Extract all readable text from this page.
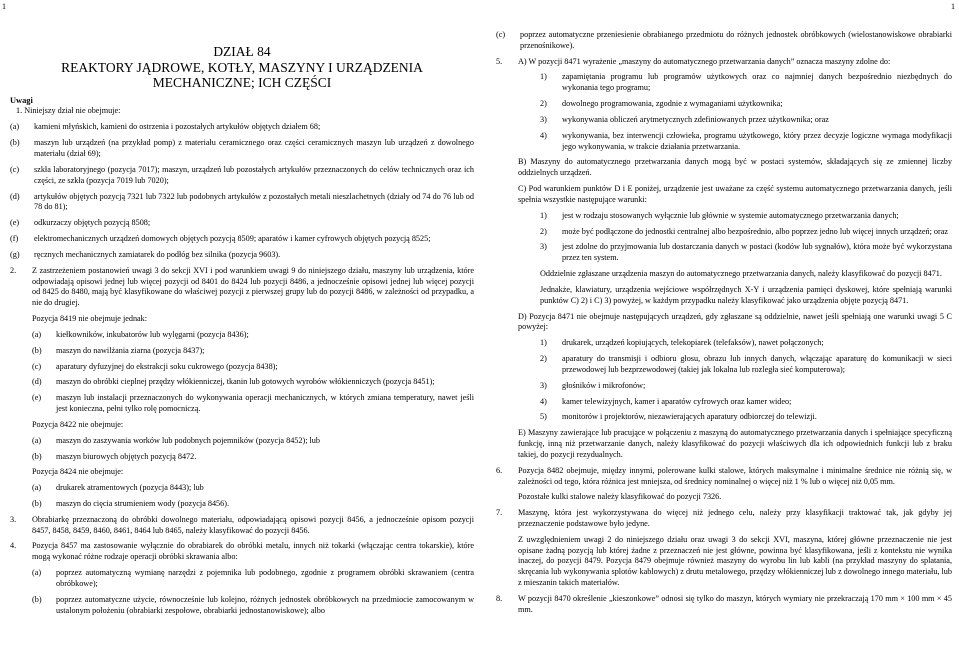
1	1
DZIAŁ 84
REAKTORY JĄDROWE, KOTŁY, MASZYNY I URZĄDZENIA
MECHANICZNE; ICH CZĘŚCI
Uwagi

1. Niniejszy dział nie obejmuje:

(a)	kamieni młyńskich, kamieni do ostrzenia i pozostałych artykułów objętych działem 68;
(b)	maszyn lub urządzeń (na przykład pomp) z materiału ceramicznego oraz części ceramicznych maszyn lub urządzeń z dowolnego materiału (dział 69);
(c)	szkła laboratoryjnego (pozycja 7017); maszyn, urządzeń lub pozostałych artykułów przeznaczonych do celów technicznych oraz ich części, ze szkła (pozycja 7019 lub 7020);
(d)	artykułów objętych pozycją 7321 lub 7322 lub podobnych artykułów z pozostałych metali nieszlachetnych (działy od 74 do 76 lub od 78 do 81);
(e)	odkurzaczy objętych pozycją 8508;
(f)	elektromechanicznych urządzeń domowych objętych pozycją 8509; aparatów i kamer cyfrowych objętych pozycją 8525;
(g)	ręcznych mechanicznych zamiatarek do podłóg bez silnika (pozycja 9603).
2.	Z zastrzeżeniem postanowień uwagi 3 do sekcji XVI i pod warunkiem uwagi 9 do niniejszego działu, maszyny lub urządzenia, które odpowiadają opisowi jednej lub więcej pozycji od 8401 do 8424 lub pozycji 8486, a jednocześnie opisowi jednej lub więcej pozycji od 8425 do 8480, mają być klasyfikowane do właściwej pozycji z pierwszej grupy lub do pozycji 8486, w zależności od przypadku, a nie do drugiej.

Pozycja 8419 nie obejmuje jednak:

(a)	kiełkowników, inkubatorów lub wylęgarni (pozycja 8436);
(b)	maszyn do nawilżania ziarna (pozycja 8437);
(c)	aparatury dyfuzyjnej do ekstrakcji soku cukrowego (pozycja 8438);
(d)	maszyn do obróbki cieplnej przędzy włókienniczej, tkanin lub gotowych wyrobów włókienniczych (pozycja 8451);
(e)	maszyn lub instalacji przeznaczonych do wykonywania operacji mechanicznych, w których zmiana temperatury, nawet jeśli jest konieczna, pełni tylko rolę pomocniczą.

Pozycja 8422 nie obejmuje:

(a)	maszyn do zaszywania worków lub podobnych pojemników (pozycja 8452); lub
(b)	maszyn biurowych objętych pozycją 8472.

Pozycja 8424 nie obejmuje:

(a)	drukarek atramentowych (pozycja 8443); lub
(b)	maszyn do cięcia strumieniem wody (pozycja 8456).
3.	Obrabiarkę przeznaczoną do obróbki dowolnego materiału, odpowiadającą opisowi pozycji 8456, a jednocześnie opisom pozycji 8457, 8458, 8459, 8460, 8461, 8464 lub 8465, należy klasyfikować do pozycji 8456.
4.	Pozycja 8457 ma zastosowanie wyłącznie do obrabiarek do obróbki metalu, innych niż tokarki (włączając centra tokarskie), które mogą wykonać różne rodzaje operacji obróbki skrawania albo:
(a)	poprzez automatyczną wymianę narzędzi z pojemnika lub podobnego, zgodnie z programem obróbki skrawaniem (centra obróbkowe);
(b)	poprzez automatyczne użycie, równocześnie lub kolejno, różnych jednostek obróbkowych na przedmiocie zamocowanym w ustalonym położeniu (obrabiarki zespołowe, obrabiarki jednostanowiskowe); albo
(c)	poprzez automatyczne przeniesienie obrabianego przedmiotu do różnych jednostek obróbkowych (wielostanowiskowe obrabiarki przenośnikowe).
5.	A) W pozycji 8471 wyrażenie „maszyny do automatycznego przetwarzania danych” oznacza maszyny zdolne do:
1)	zapamiętania programu lub programów użytkowych oraz co najmniej danych bezpośrednio niezbędnych do wykonania tego programu;
2)	dowolnego programowania, zgodnie z wymaganiami użytkownika;
3)	wykonywania obliczeń arytmetycznych zdefiniowanych przez użytkownika; oraz
4)	wykonywania, bez interwencji człowieka, programu użytkowego, który przez decyzje logiczne wymaga modyfikacji jego wykonywania, w trakcie działania przetwarzania.

B) Maszyny do automatycznego przetwarzania danych mogą być w postaci systemów, składających się ze zmiennej liczby oddzielnych urządzeń.

C) Pod warunkiem punktów D i E poniżej, urządzenie jest uważane za część systemu automatycznego przetwarzania danych, jeśli spełnia wszystkie następujące warunki:

1)	jest w rodzaju stosowanych wyłącznie lub głównie w systemie automatycznego przetwarzania danych;
2)	może być podłączone do jednostki centralnej albo bezpośrednio, albo poprzez jedno lub więcej innych urządzeń; oraz
3)	jest zdolne do przyjmowania lub dostarczania danych w postaci (kodów lub sygnałów), która może być wykorzystana przez ten system.

Oddzielnie zgłaszane urządzenia maszyn do automatycznego przetwarzania danych, należy klasyfikować do pozycji 8471.

Jednakże, klawiatury, urządzenia wejściowe współrzędnych X-Y i urządzenia pamięci dyskowej, które spełniają warunki punktów C) 2) i C) 3) powyżej, w każdym przypadku należy klasyfikować jako urządzenia objęte pozycją 8471.

D) Pozycja 8471 nie obejmuje następujących urządzeń, gdy zgłaszane są oddzielnie, nawet jeśli spełniają one warunki uwagi 5 C powyżej:

1)	drukarek, urządzeń kopiujących, telekopiarek (telefaksów), nawet połączonych;
2)	aparatury do transmisji i odbioru głosu, obrazu lub innych danych, włączając aparaturę do komunikacji w sieci przewodowej lub bezprzewodowej (takiej jak lokalna lub rozległa sieć komputerowa);
3)	głośników i mikrofonów;
4)	kamer telewizyjnych, kamer i aparatów cyfrowych oraz kamer wideo;
5)	monitorów i projektorów, niezawierających aparatury odbiorczej do telewizji.

E) Maszyny zawierające lub pracujące w połączeniu z maszyną do automatycznego przetwarzania danych i spełniające specyficzną funkcję, inną niż przetwarzanie danych, należy klasyfikować do pozycji właściwych dla ich odpowiednich funkcji lub z braku takiej, do pozycji rezydualnych.

6.	Pozycja 8482 obejmuje, między innymi, polerowane kulki stalowe, których maksymalne i minimalne średnice nie różnią się, w zależności od tego, która różnica jest mniejsza, od średnicy nominalnej o więcej niż 1 % lub o więcej niż 0,05 mm.

Pozostałe kulki stalowe należy klasyfikować do pozycji 7326.

7.	Maszynę, która jest wykorzystywana do więcej niż jednego celu, należy przy klasyfikacji traktować tak, jak gdyby jej przeznaczenie podstawowe było jedyne.

Z uwzględnieniem uwagi 2 do niniejszego działu oraz uwagi 3 do sekcji XVI, maszyna, której główne przeznaczenie nie jest opisane żadną pozycją lub której żadne z przeznaczeń nie jest główne, powinna być klasyfikowana, jeśli z kontekstu nie wynika inaczej, do pozycji 8479. Pozycja 8479 obejmuje również maszyny do wyrobu lin lub kabli (na przykład maszyny do splatania, skręcania lub wykonywania splotów kablowych) z drutu metalowego, przędzy włókienniczej lub z dowolnego innego materiału, lub z mieszanin takich materiałów.

8.	W pozycji 8470 określenie „kieszonkowe” odnosi się tylko do maszyn, których wymiary nie przekraczają 170 mm × 100 mm × 45 mm.
